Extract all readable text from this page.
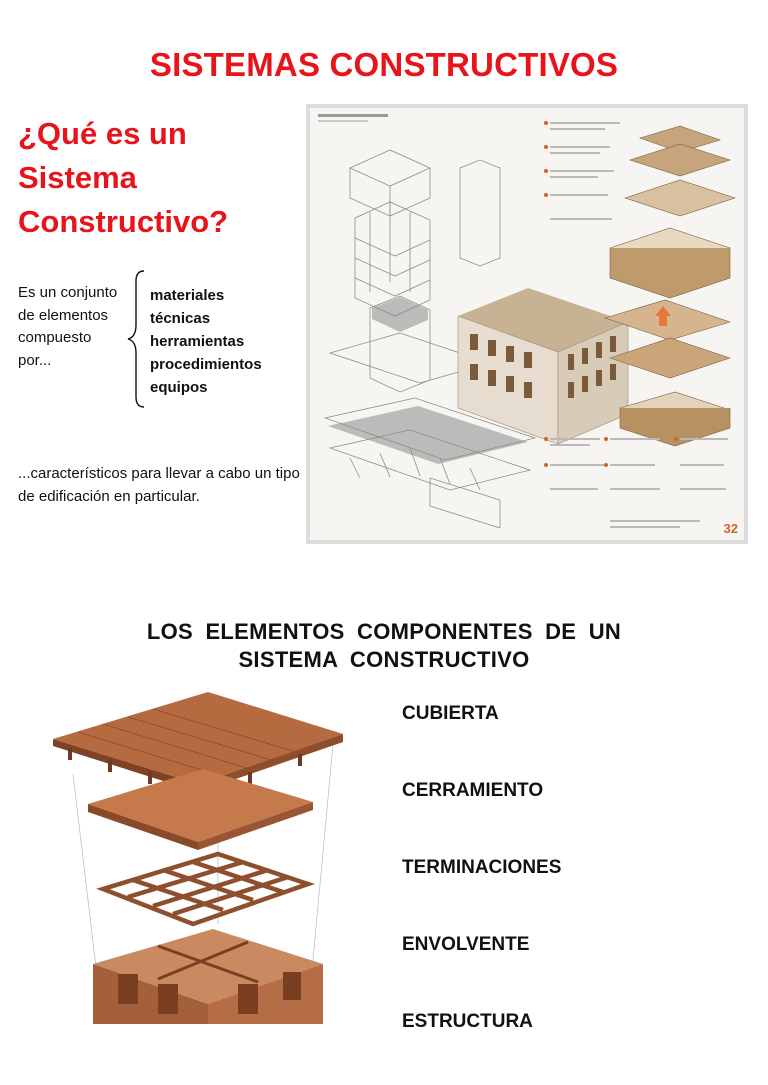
SISTEMAS CONSTRUCTIVOS
¿Qué es un Sistema Constructivo?
Es un conjunto de elementos compuesto por...
materiales
técnicas
herramientas
procedimientos
equipos
...característicos para llevar a cabo un tipo de edificación en particular.
32
LOS ELEMENTOS COMPONENTES DE UN
SISTEMA CONSTRUCTIVO
CUBIERTA
CERRAMIENTO
TERMINACIONES
ENVOLVENTE
ESTRUCTURA
